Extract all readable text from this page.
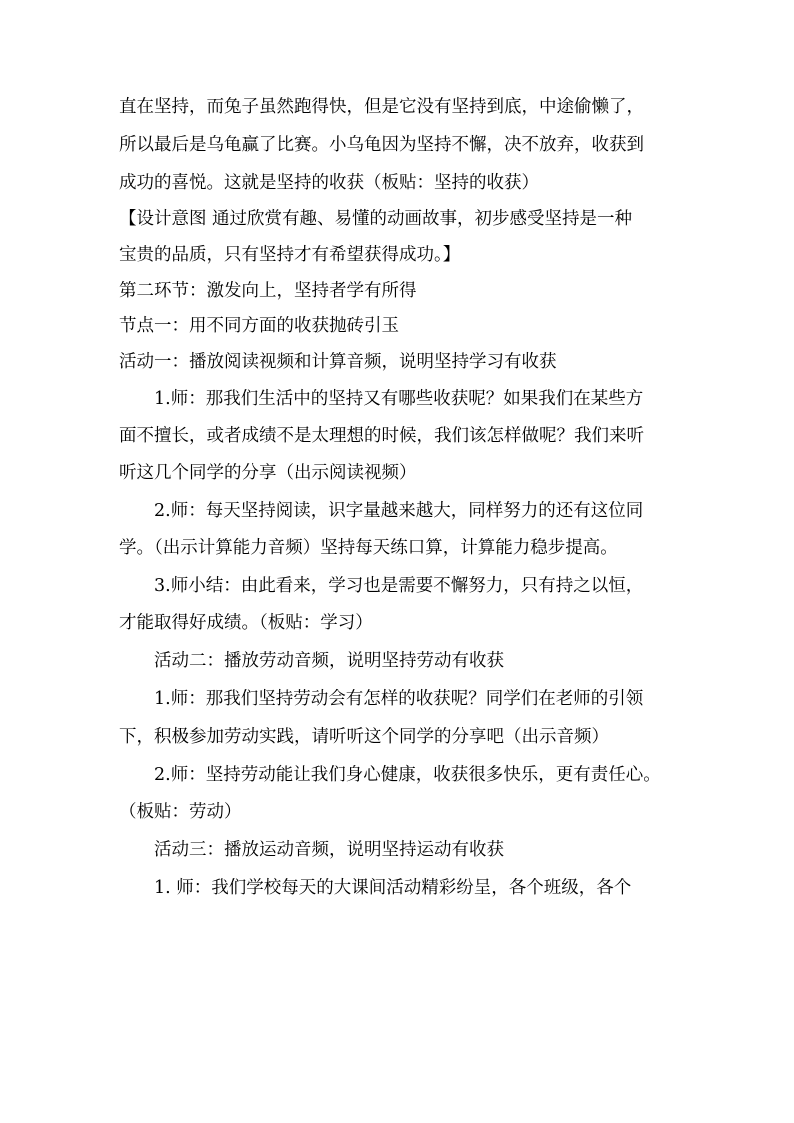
直在坚持，而兔子虽然跑得快，但是它没有坚持到底，中途偷懒了，

所以最后是乌龟赢了比赛。小乌龟因为坚持不懈，决不放弃，收获到

成功的喜悦。这就是坚持的收获（板贴：坚持的收获）

【设计意图 通过欣赏有趣、易懂的动画故事，初步感受坚持是一种

宝贵的品质，只有坚持才有希望获得成功。】

第二环节：激发向上，坚持者学有所得

节点一：用不同方面的收获抛砖引玉

活动一：播放阅读视频和计算音频，说明坚持学习有收获

1.师：那我们生活中的坚持又有哪些收获呢？如果我们在某些方

面不擅长，或者成绩不是太理想的时候，我们该怎样做呢？我们来听

听这几个同学的分享（出示阅读视频）

2.师：每天坚持阅读，识字量越来越大，同样努力的还有这位同

学。（出示计算能力音频）坚持每天练口算，计算能力稳步提高。

3.师小结：由此看来，学习也是需要不懈努力，只有持之以恒，

才能取得好成绩。（板贴：学习）

活动二：播放劳动音频，说明坚持劳动有收获

1.师：那我们坚持劳动会有怎样的收获呢？同学们在老师的引领

下，积极参加劳动实践，请听听这个同学的分享吧（出示音频）

2.师：坚持劳动能让我们身心健康，收获很多快乐，更有责任心。

（板贴：劳动）

活动三：播放运动音频，说明坚持运动有收获

1. 师：我们学校每天的大课间活动精彩纷呈，各个班级，各个
